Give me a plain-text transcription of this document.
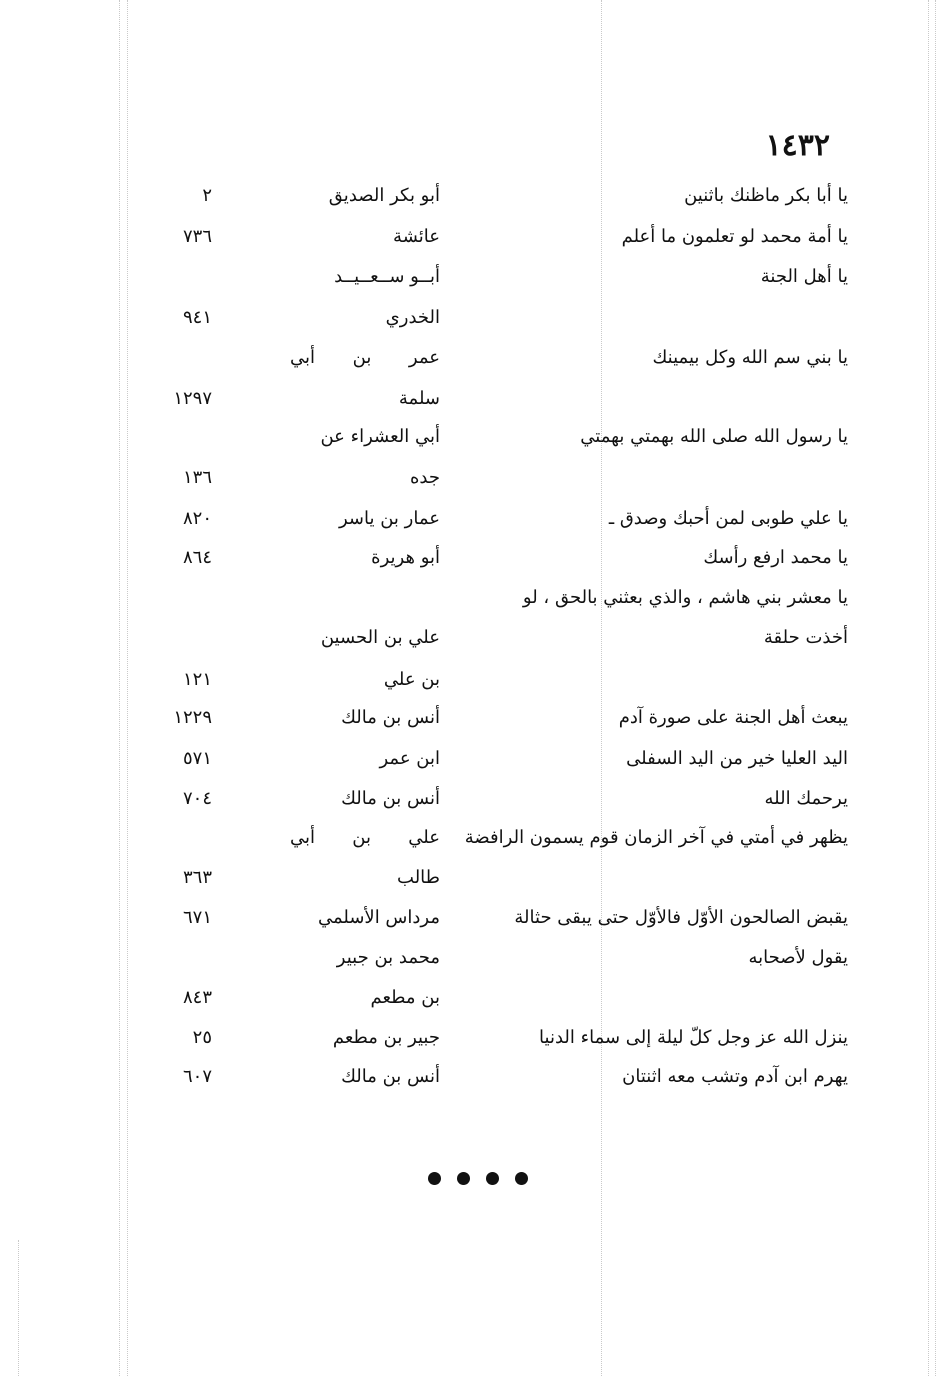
١٤٣٢
يا أبا بكر ماظنك باثنين
أبو بكر الصديق
٢
يا أمة محمد لو تعلمون ما أعلم
عائشة
٧٣٦
يا أهل الجنة
أبــو ســعــيــد
الخدري
٩٤١
يا بني سم الله وكل بيمينك
عمر بن أبي
سلمة
١٢٩٧
يا رسول الله صلى الله بهمتي بهمتي
أبي العشراء عن
جده
١٣٦
يا علي طوبى لمن أحبك وصدق ـ
عمار بن ياسر
٨٢٠
يا محمد ارفع رأسك
أبو هريرة
٨٦٤
يا معشر بني هاشم ، والذي بعثني بالحق ، لو
أخذت حلقة
علي بن الحسين
بن علي
١٢١
يبعث أهل الجنة على صورة آدم
أنس بن مالك
١٢٢٩
اليد العليا خير من اليد السفلى
ابن عمر
٥٧١
يرحمك الله
أنس بن مالك
٧٠٤
يظهر في أمتي في آخر الزمان قوم يسمون الرافضة
علي بن أبي
طالب
٣٦٣
يقبض الصالحون الأوّل فالأوّل حتى يبقى حثالة
مرداس الأسلمي
٦٧١
يقول لأصحابه
محمد بن جبير
بن مطعم
٨٤٣
ينزل الله عز وجل كلّ ليلة إلى سماء الدنيا
جبير بن مطعم
٢٥
يهرم ابن آدم وتشب معه اثنتان
أنس بن مالك
٦٠٧
